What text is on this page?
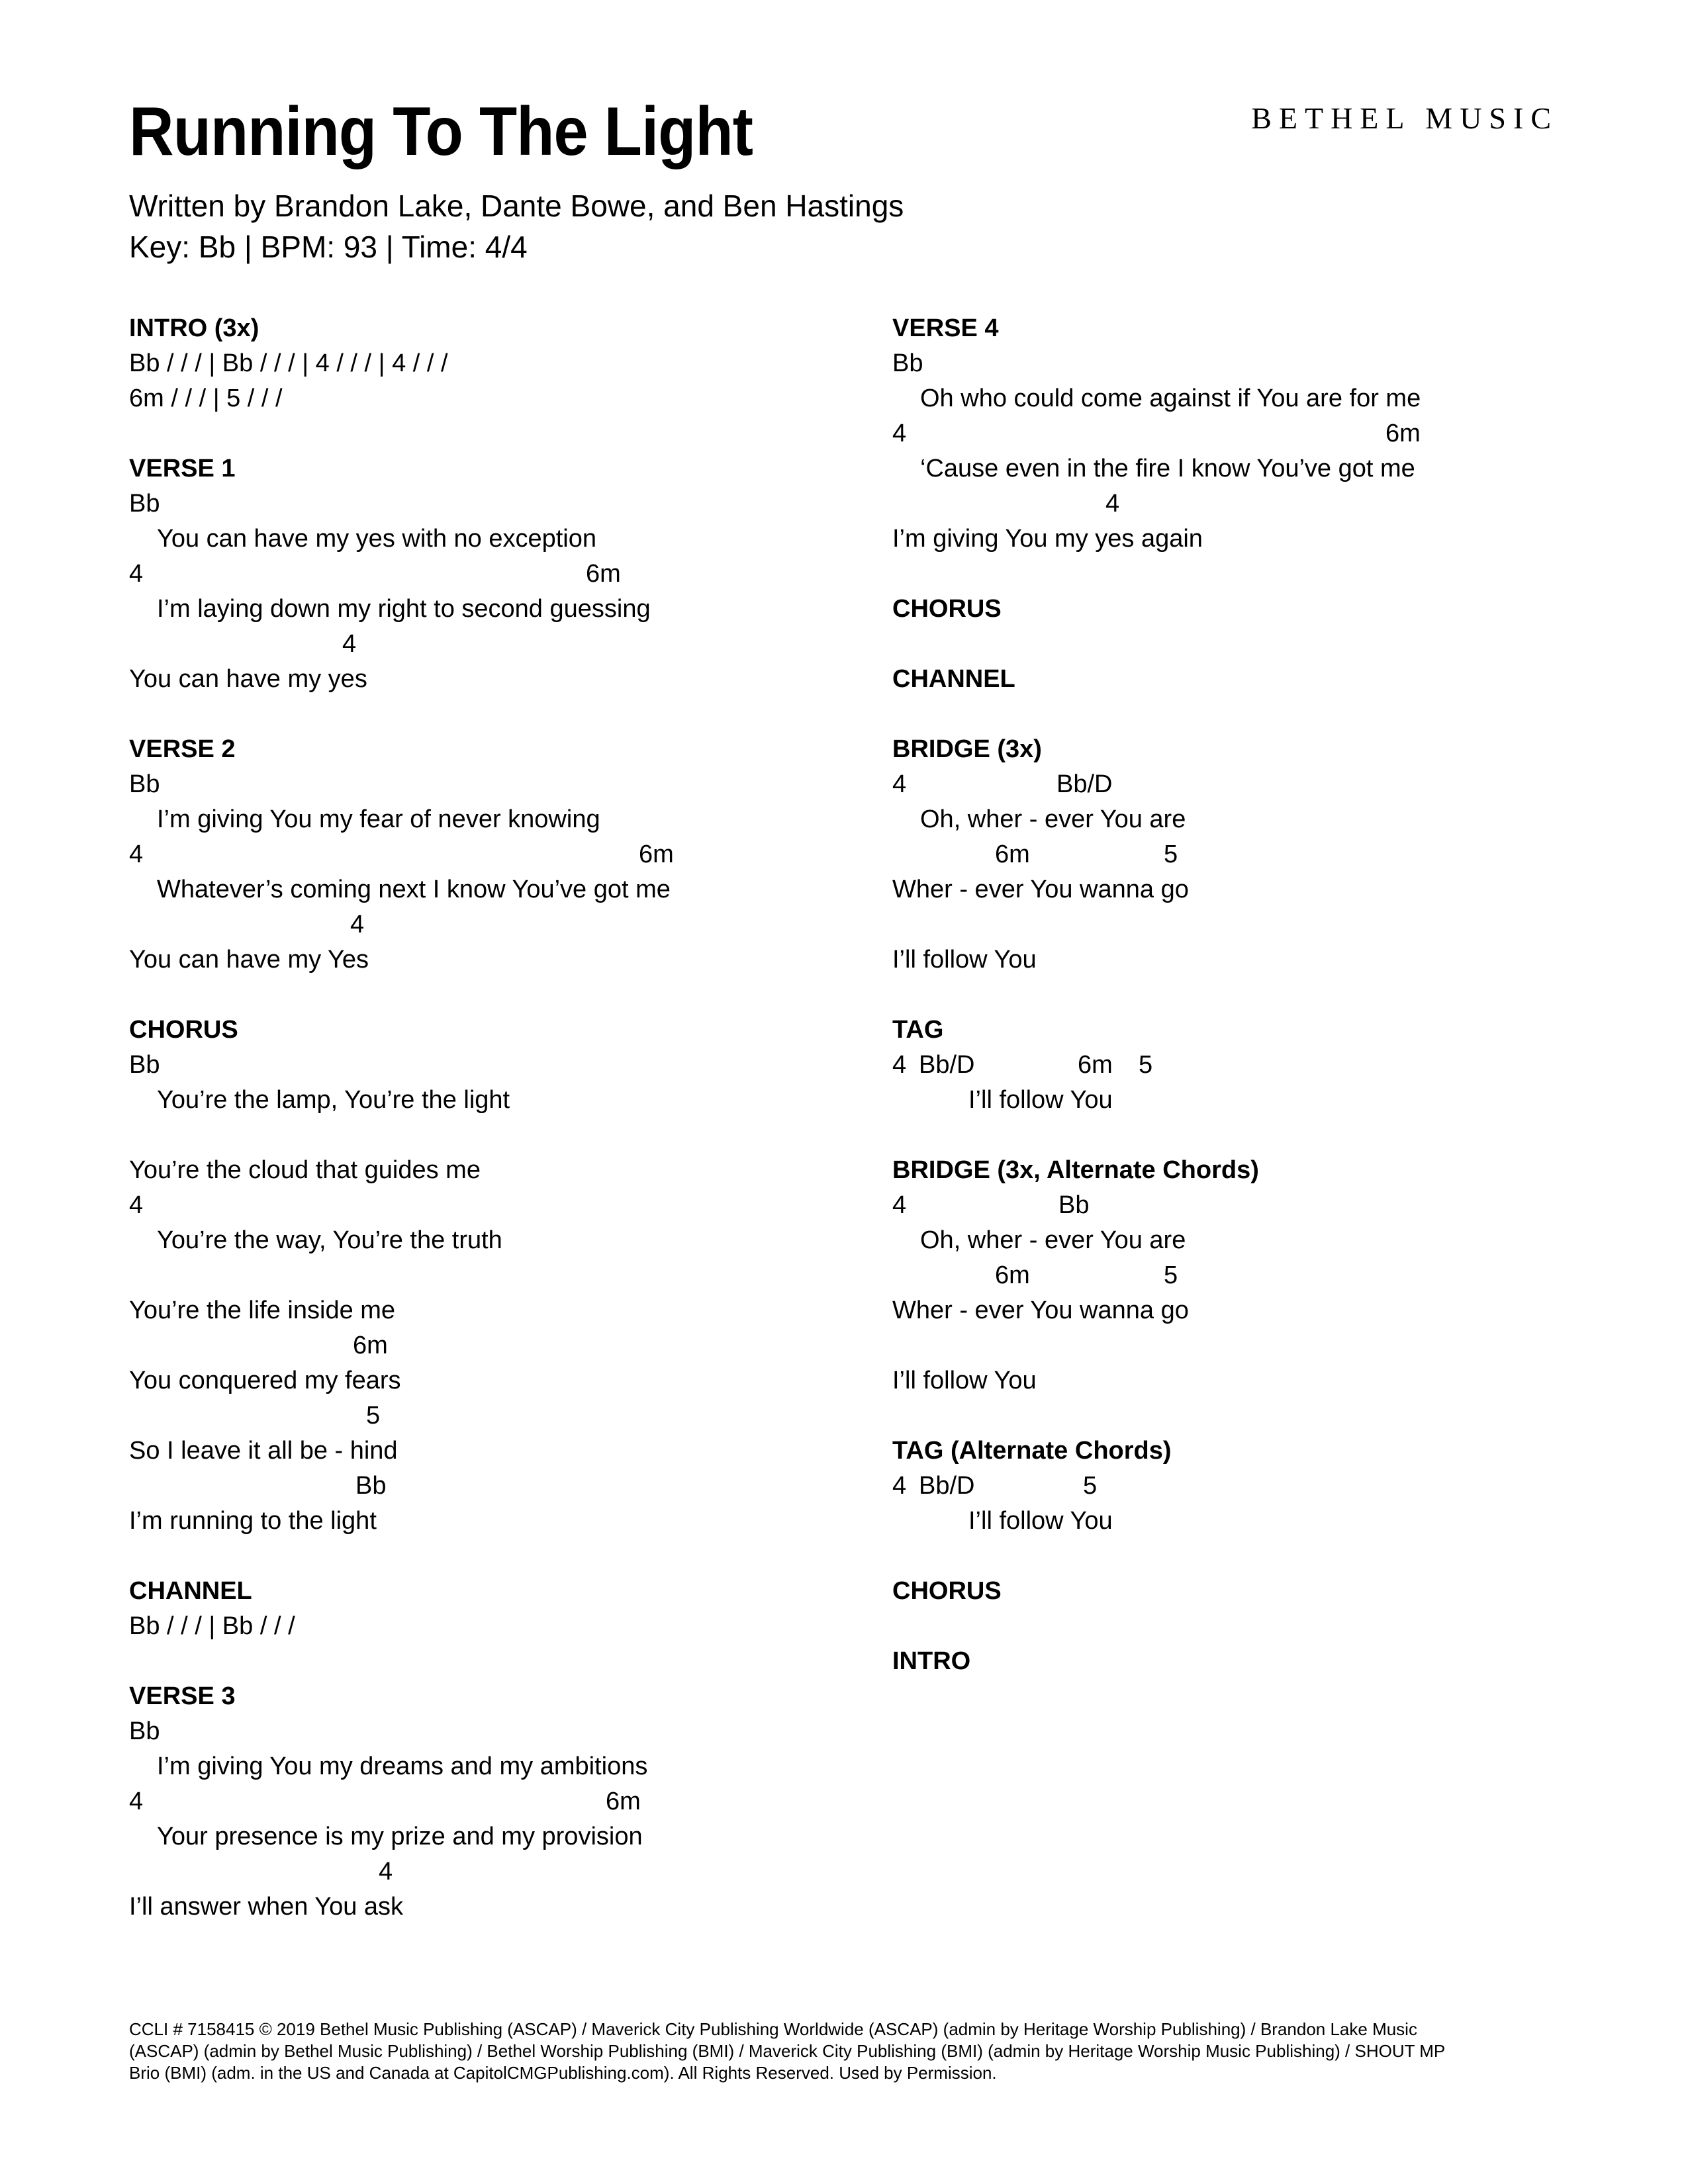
Running To The Light	BETHEL MUSIC
Written by Brandon Lake, Dante Bowe, and Ben Hastings
Key: Bb | BPM: 93 | Time: 4/4
INTRO (3x)
Bb / / / | Bb / / / | 4 / / / | 4 / / /
6m / / / | 5 / / /
VERSE 1
Bb
You can have my yes with no exception
4	6m
I’m laying down my right to second guessing
4
You can have my yes
VERSE 2
Bb
I’m giving You my fear of never knowing
4	6m
Whatever’s coming next I know You’ve got me
4
You can have my Yes
CHORUS
Bb
You’re the lamp, You’re the light
You’re the cloud that guides me
4
You’re the way, You’re the truth
You’re the life inside me
6m
You conquered my fears
5
So I leave it all be - hind
Bb
I’m running to the light
CHANNEL
Bb / / / | Bb / / /
VERSE 3
Bb
I’m giving You my dreams and my ambitions
4	6m
Your presence is my prize and my provision
4
I’ll answer when You ask
VERSE 4
Bb
Oh who could come against if You are for me
4	6m
‘Cause even in the fire I know You’ve got me
4
I’m giving You my yes again
CHORUS
CHANNEL
BRIDGE (3x)
4	Bb/D
Oh, wher - ever You are
6m	5
Wher - ever You wanna go
I’ll follow You
TAG
4 Bb/D	6m 5
I’ll follow You
BRIDGE (3x, Alternate Chords)
4	Bb
Oh, wher - ever You are
6m	5
Wher - ever You wanna go
I’ll follow You
TAG (Alternate Chords)
4 Bb/D	5
I’ll follow You
CHORUS
INTRO
CCLI # 7158415 © 2019 Bethel Music Publishing (ASCAP) / Maverick City Publishing Worldwide (ASCAP) (admin by Heritage Worship Publishing) / Brandon Lake Music
(ASCAP) (admin by Bethel Music Publishing) / Bethel Worship Publishing (BMI) / Maverick City Publishing (BMI) (admin by Heritage Worship Music Publishing) / SHOUT MP
Brio (BMI) (adm. in the US and Canada at CapitolCMGPublishing.com). All Rights Reserved. Used by Permission.
